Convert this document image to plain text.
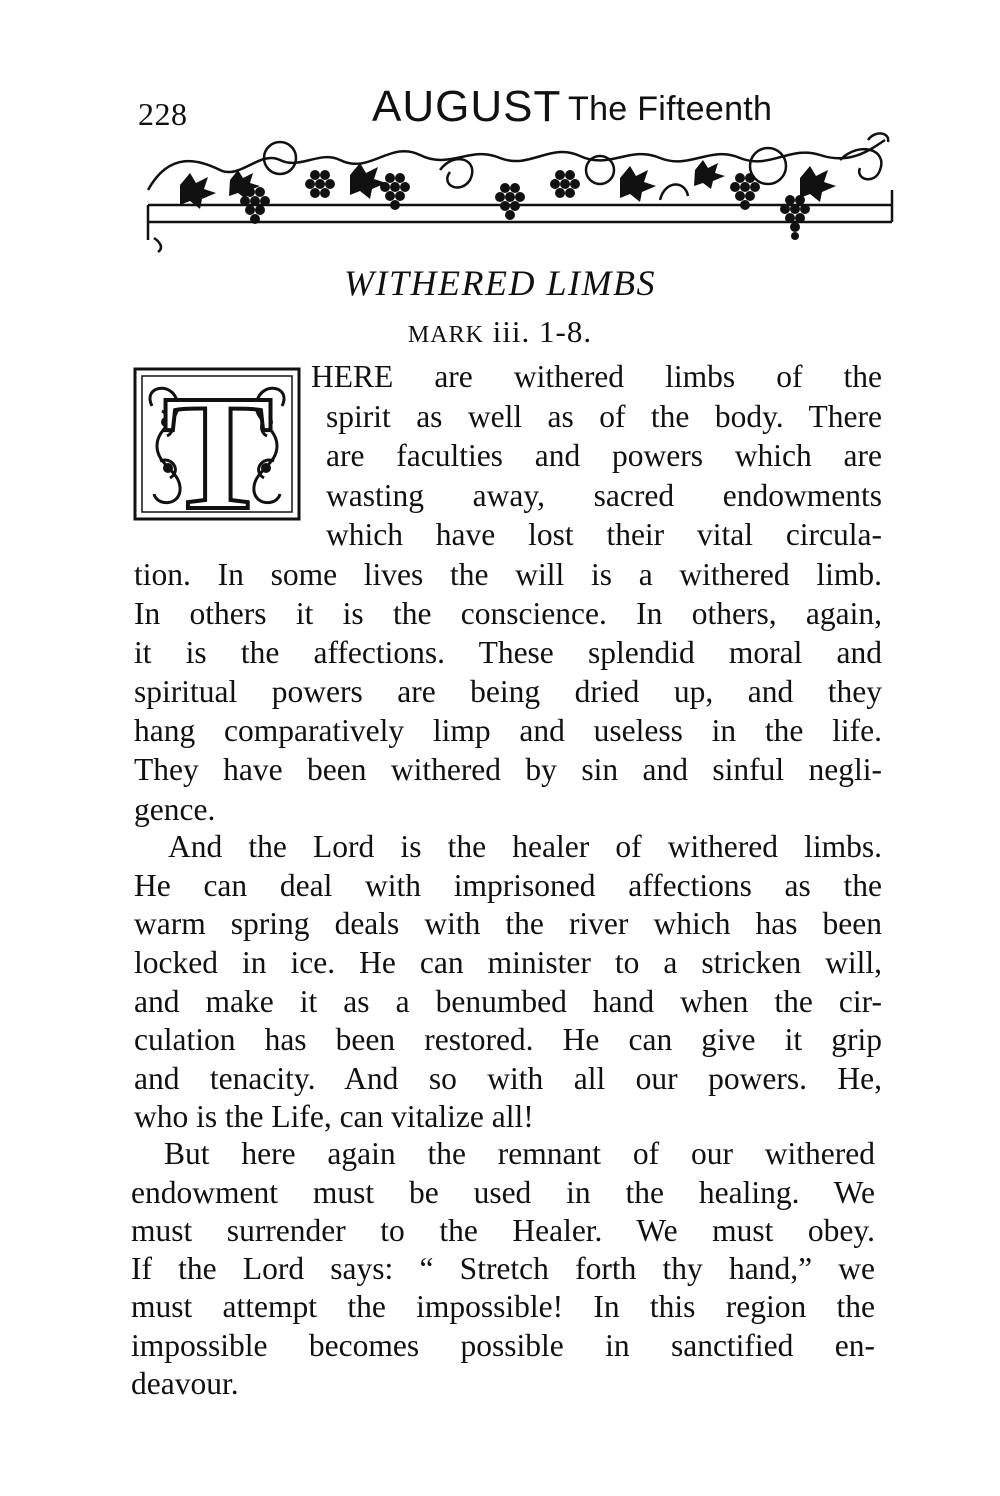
228	AUGUST The Fifteenth
WITHERED LIMBS
MARK iii. 1-8.
T HERE are withered limbs of the
spirit as well as of the body. There
are faculties and powers which are
wasting away, sacred endowments
which have lost their vital circula-
tion. In some lives the will is a withered limb.
In others it is the conscience. In others, again,
it is the affections. These splendid moral and
spiritual powers are being dried up, and they
hang comparatively limp and useless in the life.
They have been withered by sin and sinful negli-
gence.
And the Lord is the healer of withered limbs.
He can deal with imprisoned affections as the
warm spring deals with the river which has been
locked in ice. He can minister to a stricken will,
and make it as a benumbed hand when the cir-
culation has been restored. He can give it grip
and tenacity. And so with all our powers. He,
who is the Life, can vitalize all!
But here again the remnant of our withered
endowment must be used in the healing. We
must surrender to the Healer. We must obey.
If the Lord says: “ Stretch forth thy hand,” we
must attempt the impossible! In this region the
impossible becomes possible in sanctified en-
deavour.
